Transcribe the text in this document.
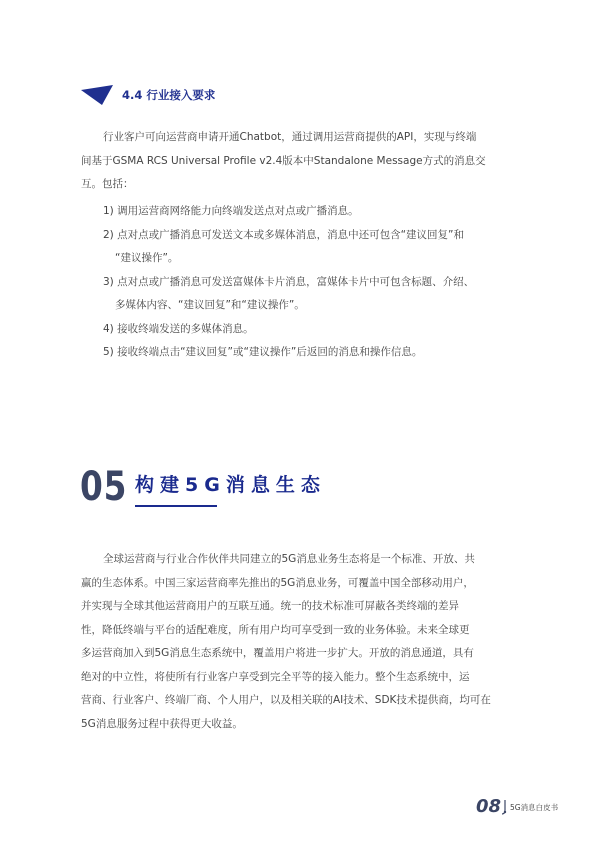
4.4 行业接入要求
行业客户可向运营商申请开通Chatbot，通过调用运营商提供的API，实现与终端
间基于GSMA RCS Universal Profile v2.4版本中Standalone Message方式的消息交
互。包括：
1) 调用运营商网络能力向终端发送点对点或广播消息。
2) 点对点或广播消息可发送文本或多媒体消息，消息中还可包含“建议回复”和
“建议操作”。
3) 点对点或广播消息可发送富媒体卡片消息，富媒体卡片中可包含标题、介绍、
多媒体内容、“建议回复”和“建议操作”。
4) 接收终端发送的多媒体消息。
5) 接收终端点击“建议回复”或“建议操作”后返回的消息和操作信息。
05 构建5G消息生态
全球运营商与行业合作伙伴共同建立的5G消息业务生态将是一个标准、开放、共
赢的生态体系。中国三家运营商率先推出的5G消息业务，可覆盖中国全部移动用户，
并实现与全球其他运营商用户的互联互通。统一的技术标准可屏蔽各类终端的差异
性，降低终端与平台的适配难度，所有用户均可享受到一致的业务体验。未来全球更
多运营商加入到5G消息生态系统中，覆盖用户将进一步扩大。开放的消息通道，具有
绝对的中立性，将使所有行业客户享受到完全平等的接入能力。整个生态系统中，运
营商、行业客户、终端厂商、个人用户，以及相关联的AI技术、SDK技术提供商，均可在
5G消息服务过程中获得更大收益。
08 5G消息白皮书
